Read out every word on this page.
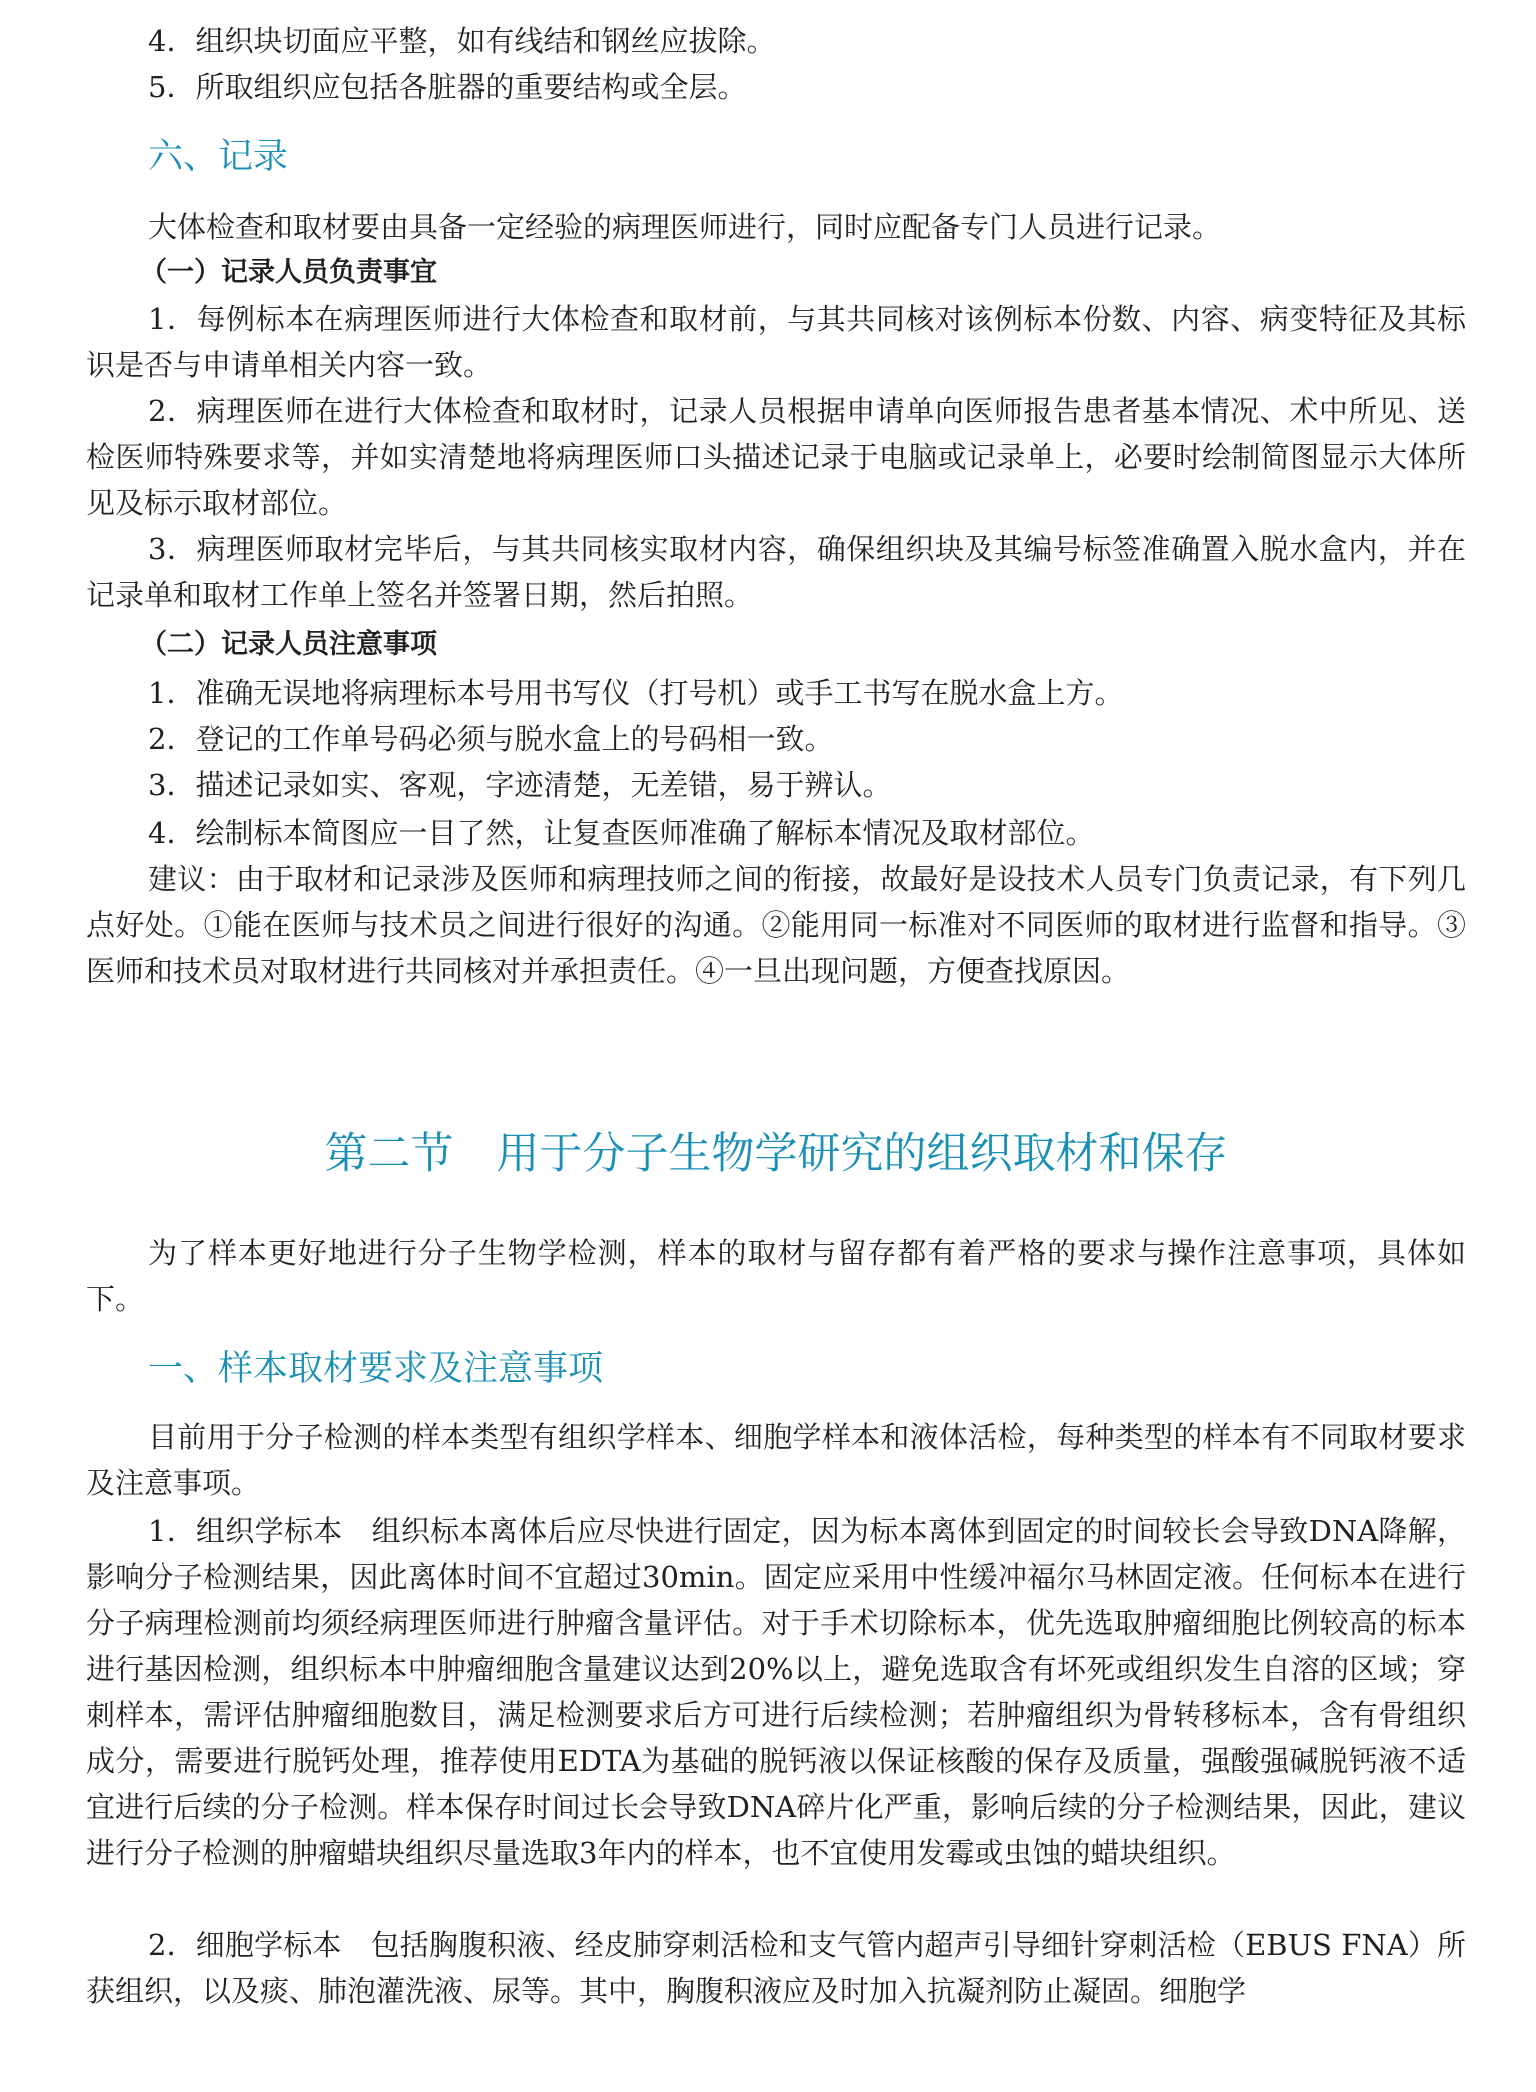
4．组织块切面应平整，如有线结和钢丝应拔除。

5．所取组织应包括各脏器的重要结构或全层。

六、记录

大体检查和取材要由具备一定经验的病理医师进行，同时应配备专门人员进行记录。

（一）记录人员负责事宜

1．每例标本在病理医师进行大体检查和取材前，与其共同核对该例标本份数、内容、病变特征及其标识是否与申请单相关内容一致。

2．病理医师在进行大体检查和取材时，记录人员根据申请单向医师报告患者基本情况、术中所见、送检医师特殊要求等，并如实清楚地将病理医师口头描述记录于电脑或记录单上，必要时绘制简图显示大体所见及标示取材部位。

3．病理医师取材完毕后，与其共同核实取材内容，确保组织块及其编号标签准确置入脱水盒内，并在记录单和取材工作单上签名并签署日期，然后拍照。

（二）记录人员注意事项

1．准确无误地将病理标本号用书写仪（打号机）或手工书写在脱水盒上方。

2．登记的工作单号码必须与脱水盒上的号码相一致。

3．描述记录如实、客观，字迹清楚，无差错，易于辨认。

4．绘制标本简图应一目了然，让复查医师准确了解标本情况及取材部位。

建议：由于取材和记录涉及医师和病理技师之间的衔接，故最好是设技术人员专门负责记录，有下列几点好处。①能在医师与技术员之间进行很好的沟通。②能用同一标准对不同医师的取材进行监督和指导。③医师和技术员对取材进行共同核对并承担责任。④一旦出现问题，方便查找原因。

第二节　用于分子生物学研究的组织取材和保存

为了样本更好地进行分子生物学检测，样本的取材与留存都有着严格的要求与操作注意事项，具体如下。

一、样本取材要求及注意事项

目前用于分子检测的样本类型有组织学样本、细胞学样本和液体活检，每种类型的样本有不同取材要求及注意事项。

1．组织学标本　组织标本离体后应尽快进行固定，因为标本离体到固定的时间较长会导致DNA降解，影响分子检测结果，因此离体时间不宜超过30min。固定应采用中性缓冲福尔马林固定液。任何标本在进行分子病理检测前均须经病理医师进行肿瘤含量评估。对于手术切除标本，优先选取肿瘤细胞比例较高的标本进行基因检测，组织标本中肿瘤细胞含量建议达到20%以上，避免选取含有坏死或组织发生自溶的区域；穿刺样本，需评估肿瘤细胞数目，满足检测要求后方可进行后续检测；若肿瘤组织为骨转移标本，含有骨组织成分，需要进行脱钙处理，推荐使用EDTA为基础的脱钙液以保证核酸的保存及质量，强酸强碱脱钙液不适宜进行后续的分子检测。样本保存时间过长会导致DNA碎片化严重，影响后续的分子检测结果，因此，建议进行分子检测的肿瘤蜡块组织尽量选取3年内的样本，也不宜使用发霉或虫蚀的蜡块组织。

2．细胞学标本　包括胸腹积液、经皮肺穿刺活检和支气管内超声引导细针穿刺活检（EBUS FNA）所获组织，以及痰、肺泡灌洗液、尿等。其中，胸腹积液应及时加入抗凝剂防止凝固。细胞学
